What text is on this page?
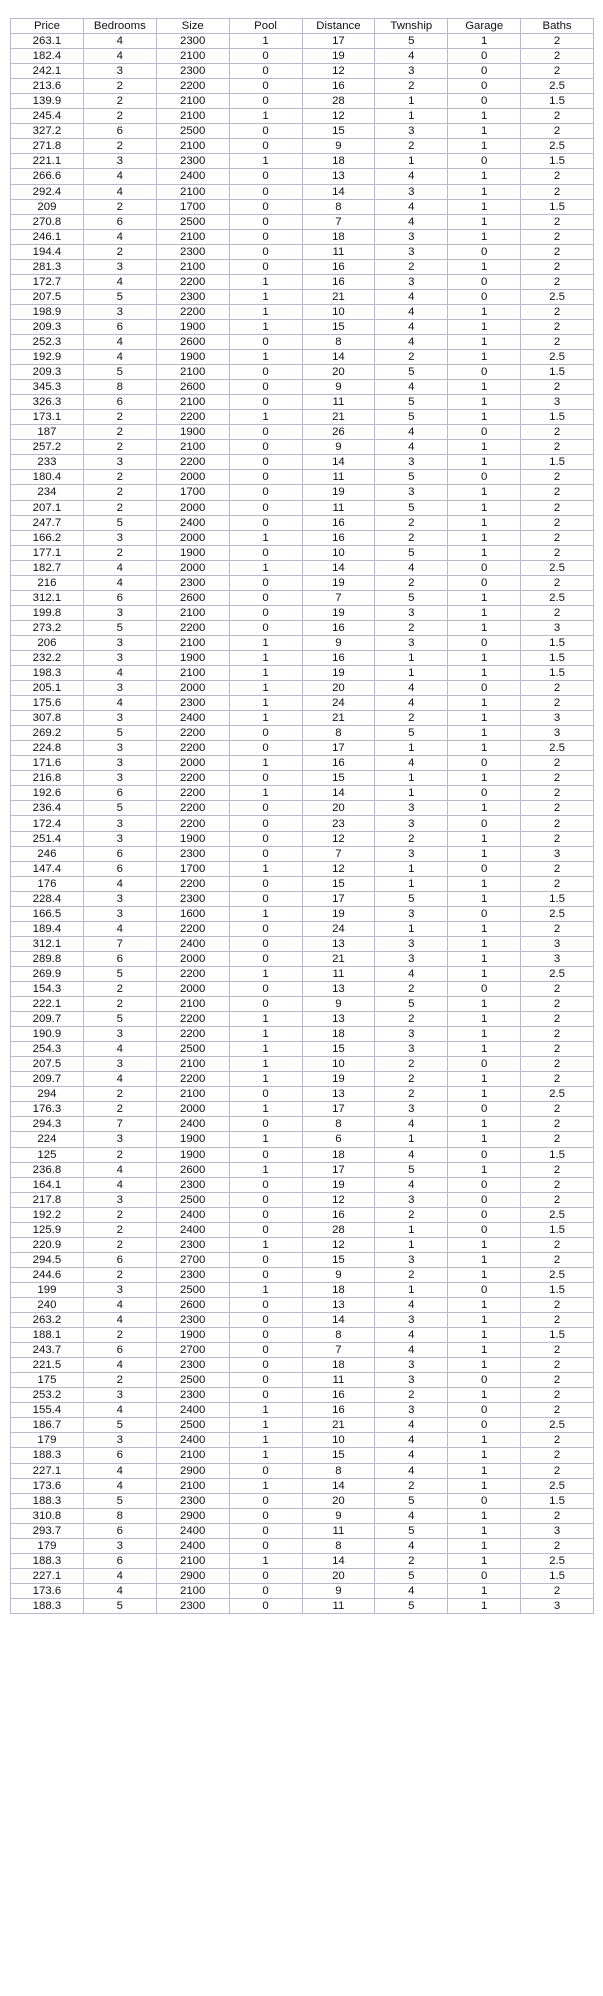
Price	Bedrooms	Size	Pool	Distance	Twnship	Garage	Baths
263.1	4	2300	1	17	5	1	2
182.4	4	2100	0	19	4	0	2
242.1	3	2300	0	12	3	0	2
213.6	2	2200	0	16	2	0	2.5
139.9	2	2100	0	28	1	0	1.5
245.4	2	2100	1	12	1	1	2
327.2	6	2500	0	15	3	1	2
271.8	2	2100	0	9	2	1	2.5
221.1	3	2300	1	18	1	0	1.5
266.6	4	2400	0	13	4	1	2
292.4	4	2100	0	14	3	1	2
209	2	1700	0	8	4	1	1.5
270.8	6	2500	0	7	4	1	2
246.1	4	2100	0	18	3	1	2
194.4	2	2300	0	11	3	0	2
281.3	3	2100	0	16	2	1	2
172.7	4	2200	1	16	3	0	2
207.5	5	2300	1	21	4	0	2.5
198.9	3	2200	1	10	4	1	2
209.3	6	1900	1	15	4	1	2
252.3	4	2600	0	8	4	1	2
192.9	4	1900	1	14	2	1	2.5
209.3	5	2100	0	20	5	0	1.5
345.3	8	2600	0	9	4	1	2
326.3	6	2100	0	11	5	1	3
173.1	2	2200	1	21	5	1	1.5
187	2	1900	0	26	4	0	2
257.2	2	2100	0	9	4	1	2
233	3	2200	0	14	3	1	1.5
180.4	2	2000	0	11	5	0	2
234	2	1700	0	19	3	1	2
207.1	2	2000	0	11	5	1	2
247.7	5	2400	0	16	2	1	2
166.2	3	2000	1	16	2	1	2
177.1	2	1900	0	10	5	1	2
182.7	4	2000	1	14	4	0	2.5
216	4	2300	0	19	2	0	2
312.1	6	2600	0	7	5	1	2.5
199.8	3	2100	0	19	3	1	2
273.2	5	2200	0	16	2	1	3
206	3	2100	1	9	3	0	1.5
232.2	3	1900	1	16	1	1	1.5
198.3	4	2100	1	19	1	1	1.5
205.1	3	2000	1	20	4	0	2
175.6	4	2300	1	24	4	1	2
307.8	3	2400	1	21	2	1	3
269.2	5	2200	0	8	5	1	3
224.8	3	2200	0	17	1	1	2.5
171.6	3	2000	1	16	4	0	2
216.8	3	2200	0	15	1	1	2
192.6	6	2200	1	14	1	0	2
236.4	5	2200	0	20	3	1	2
172.4	3	2200	0	23	3	0	2
251.4	3	1900	0	12	2	1	2
246	6	2300	0	7	3	1	3
147.4	6	1700	1	12	1	0	2
176	4	2200	0	15	1	1	2
228.4	3	2300	0	17	5	1	1.5
166.5	3	1600	1	19	3	0	2.5
189.4	4	2200	0	24	1	1	2
312.1	7	2400	0	13	3	1	3
289.8	6	2000	0	21	3	1	3
269.9	5	2200	1	11	4	1	2.5
154.3	2	2000	0	13	2	0	2
222.1	2	2100	0	9	5	1	2
209.7	5	2200	1	13	2	1	2
190.9	3	2200	1	18	3	1	2
254.3	4	2500	1	15	3	1	2
207.5	3	2100	1	10	2	0	2
209.7	4	2200	1	19	2	1	2
294	2	2100	0	13	2	1	2.5
176.3	2	2000	1	17	3	0	2
294.3	7	2400	0	8	4	1	2
224	3	1900	1	6	1	1	2
125	2	1900	0	18	4	0	1.5
236.8	4	2600	1	17	5	1	2
164.1	4	2300	0	19	4	0	2
217.8	3	2500	0	12	3	0	2
192.2	2	2400	0	16	2	0	2.5
125.9	2	2400	0	28	1	0	1.5
220.9	2	2300	1	12	1	1	2
294.5	6	2700	0	15	3	1	2
244.6	2	2300	0	9	2	1	2.5
199	3	2500	1	18	1	0	1.5
240	4	2600	0	13	4	1	2
263.2	4	2300	0	14	3	1	2
188.1	2	1900	0	8	4	1	1.5
243.7	6	2700	0	7	4	1	2
221.5	4	2300	0	18	3	1	2
175	2	2500	0	11	3	0	2
253.2	3	2300	0	16	2	1	2
155.4	4	2400	1	16	3	0	2
186.7	5	2500	1	21	4	0	2.5
179	3	2400	1	10	4	1	2
188.3	6	2100	1	15	4	1	2
227.1	4	2900	0	8	4	1	2
173.6	4	2100	1	14	2	1	2.5
188.3	5	2300	0	20	5	0	1.5
310.8	8	2900	0	9	4	1	2
293.7	6	2400	0	11	5	1	3
179	3	2400	0	8	4	1	2
188.3	6	2100	1	14	2	1	2.5
227.1	4	2900	0	20	5	0	1.5
173.6	4	2100	0	9	4	1	2
188.3	5	2300	0	11	5	1	3
